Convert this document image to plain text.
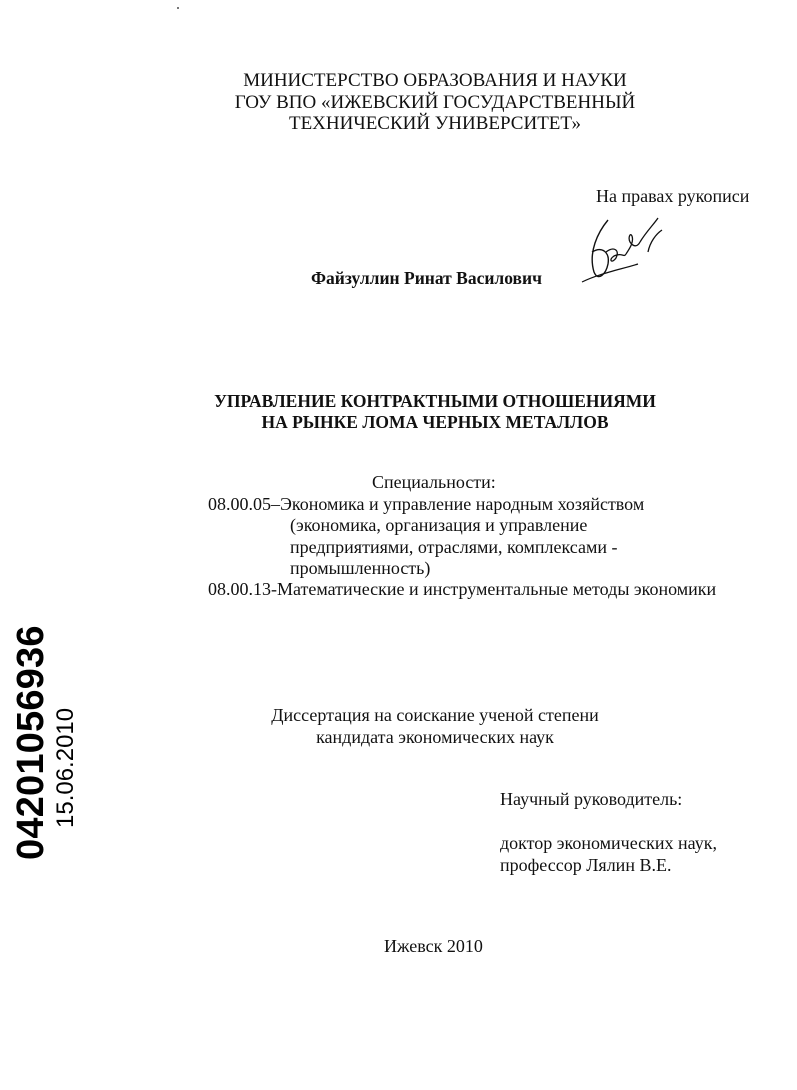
МИНИСТЕРСТВО ОБРАЗОВАНИЯ И НАУКИ
ГОУ ВПО «ИЖЕВСКИЙ ГОСУДАРСТВЕННЫЙ
ТЕХНИЧЕСКИЙ УНИВЕРСИТЕТ»
На правах рукописи
Файзуллин Ринат Василович
УПРАВЛЕНИЕ КОНТРАКТНЫМИ ОТНОШЕНИЯМИ
НА РЫНКЕ ЛОМА ЧЕРНЫХ МЕТАЛЛОВ
Специальности:
08.00.05–Экономика и управление народным хозяйством
(экономика, организация и управление
предприятиями, отраслями, комплексами -
промышленность)
08.00.13-Математические и инструментальные методы экономики
Диссертация на соискание ученой степени
кандидата экономических наук
Научный руководитель:
доктор экономических наук,
профессор Лялин В.Е.
Ижевск 2010
04201056936 15.06.2010
